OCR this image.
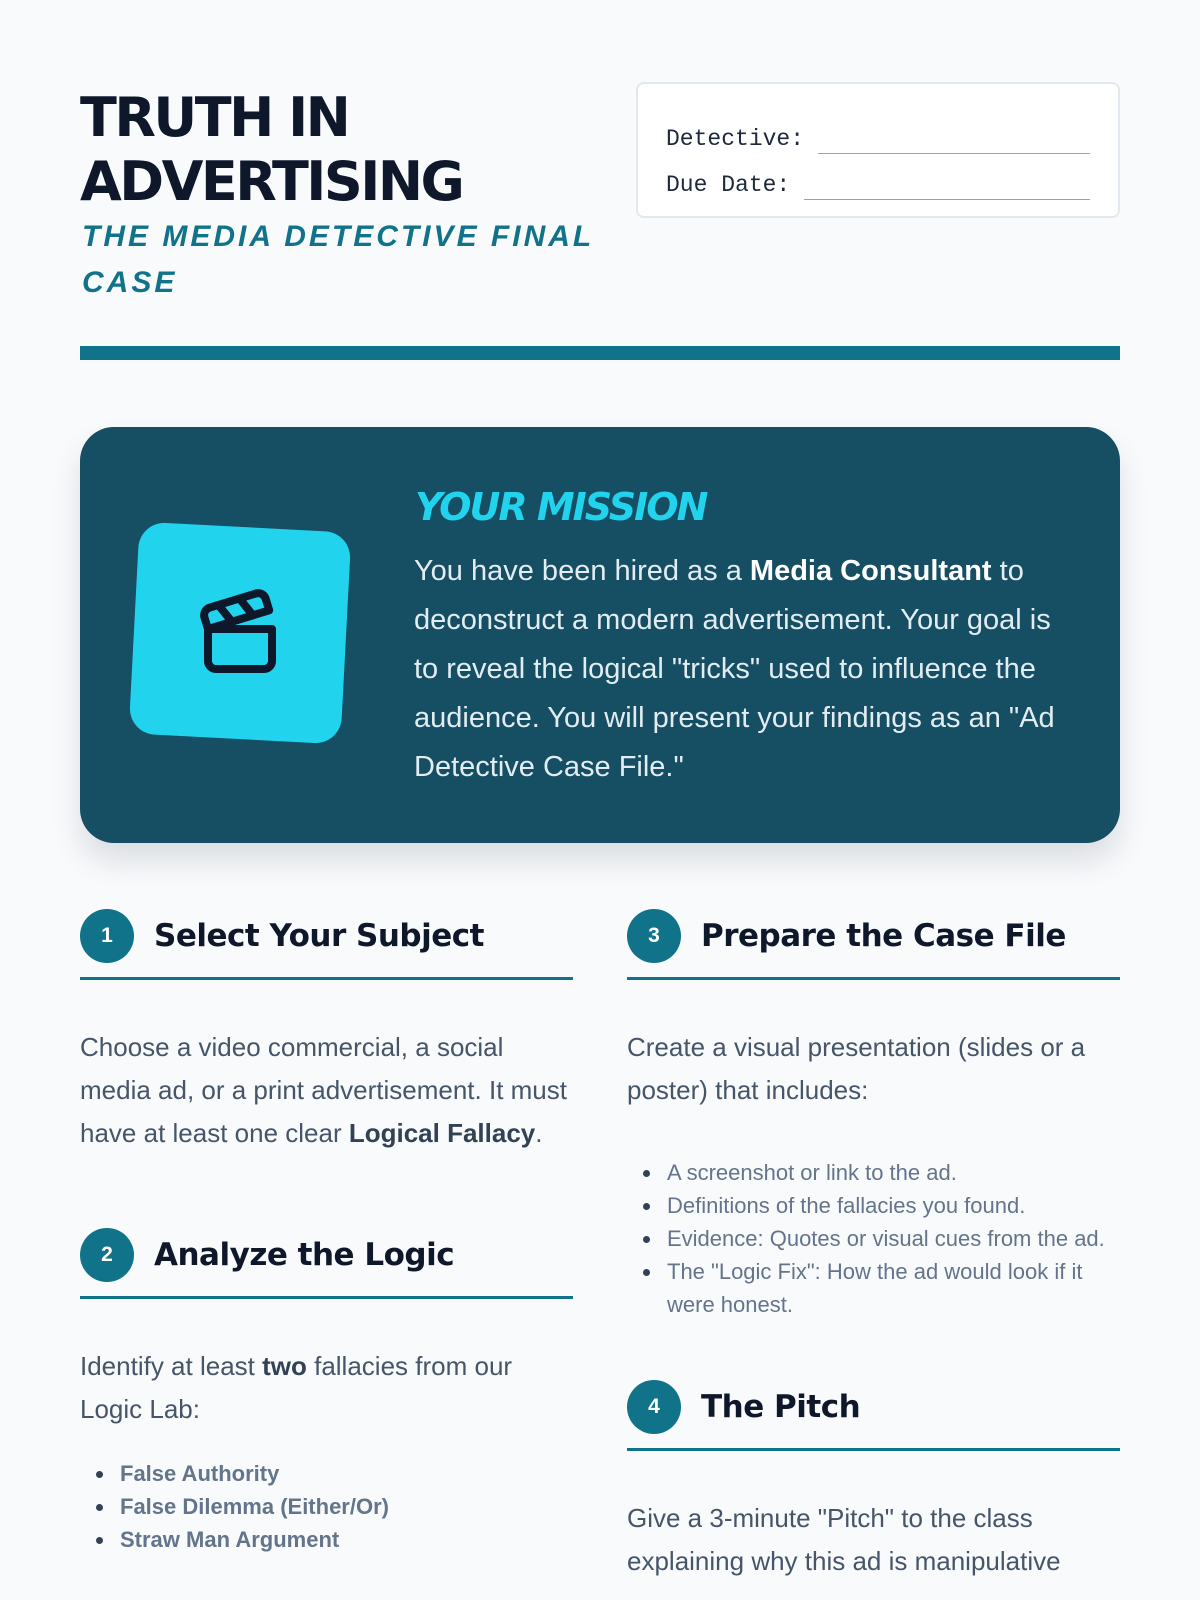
TRUTH IN
ADVERTISING
THE MEDIA DETECTIVE FINAL CASE
Detective:
Due Date:
YOUR MISSION

You have been hired as a Media Consultant to deconstruct a modern advertisement. Your goal is to reveal the logical "tricks" used to influence the audience. You will present your findings as an "Ad Detective Case File."

1	Select Your Subject

Choose a video commercial, a social media ad, or a print advertisement. It must have at least one clear Logical Fallacy.

2	Analyze the Logic

Identify at least two fallacies from our Logic Lab:

False Authority
False Dilemma (Either/Or)
Straw Man Argument
3	Prepare the Case File

Create a visual presentation (slides or a poster) that includes:

A screenshot or link to the ad.
Definitions of the fallacies you found.
Evidence: Quotes or visual cues from the ad.
The "Logic Fix": How the ad would look if it were honest.
4	The Pitch

Give a 3-minute "Pitch" to the class explaining why this ad is manipulative
